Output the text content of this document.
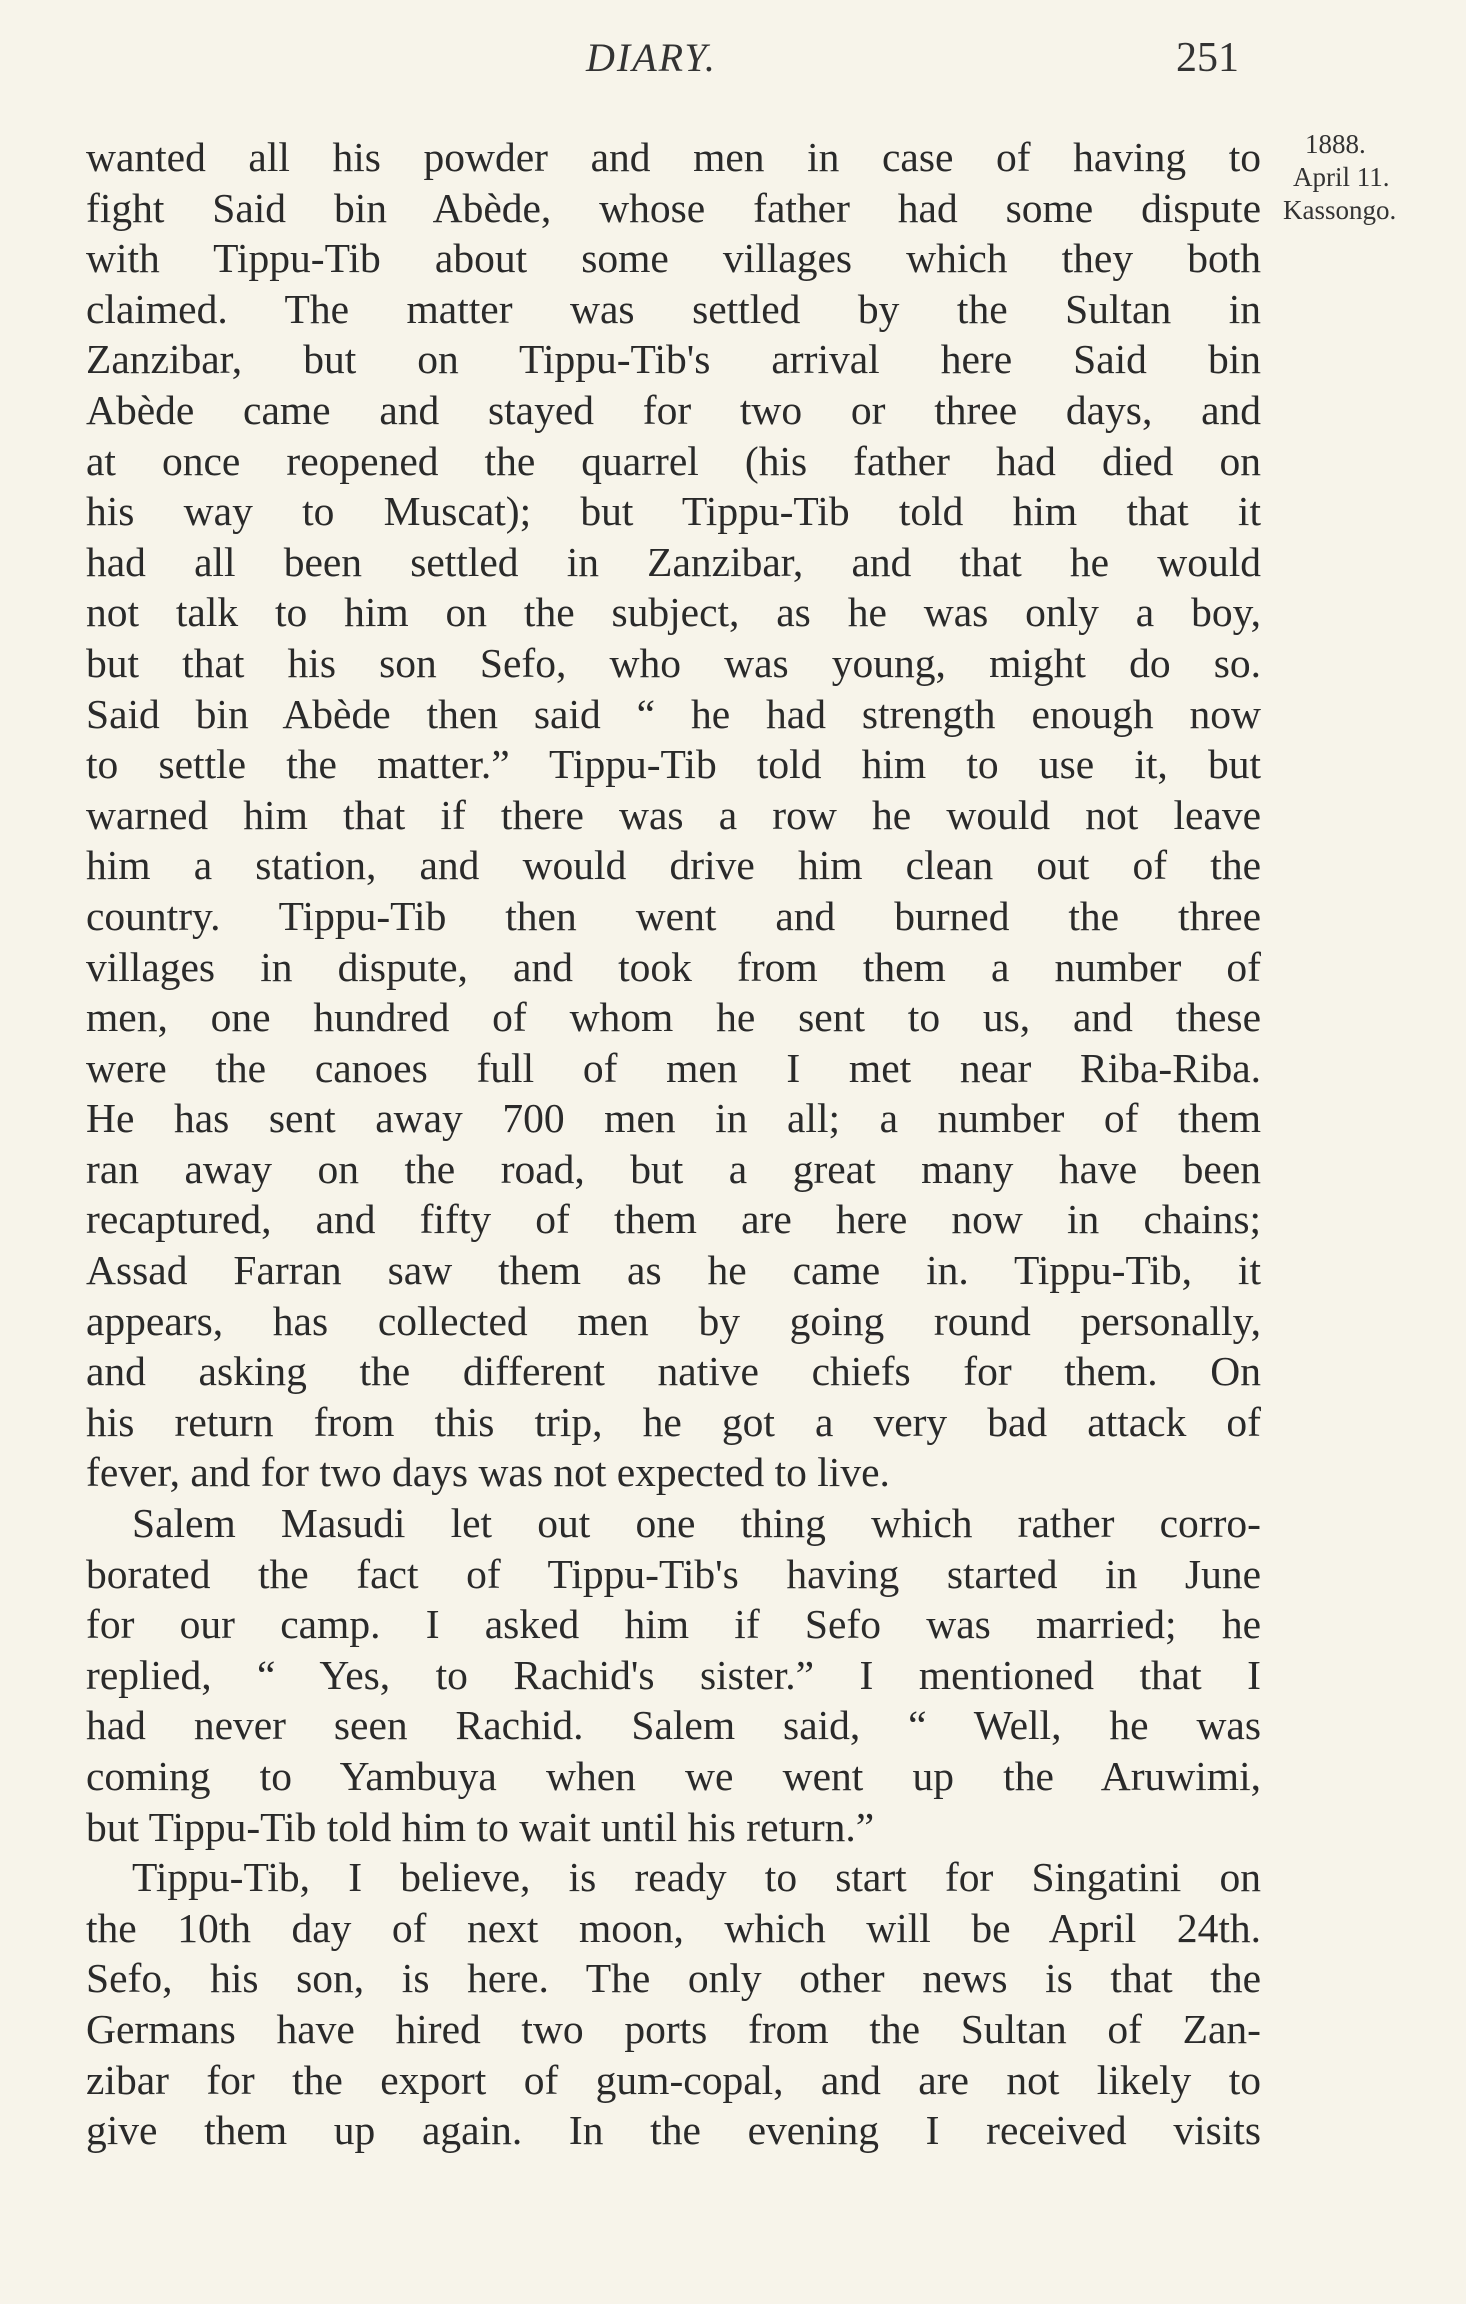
DIARY.	251
1888.
April 11.
Kassongo.
wanted all his powder and men in case of having to
fight Said bin Abède, whose father had some dispute
with Tippu-Tib about some villages which they both
claimed. The matter was settled by the Sultan in
Zanzibar, but on Tippu-Tib's arrival here Said bin
Abède came and stayed for two or three days, and
at once reopened the quarrel (his father had died on
his way to Muscat); but Tippu-Tib told him that it
had all been settled in Zanzibar, and that he would
not talk to him on the subject, as he was only a boy,
but that his son Sefo, who was young, might do so.
Said bin Abède then said “ he had strength enough now
to settle the matter.” Tippu-Tib told him to use it, but
warned him that if there was a row he would not leave
him a station, and would drive him clean out of the
country. Tippu-Tib then went and burned the three
villages in dispute, and took from them a number of
men, one hundred of whom he sent to us, and these
were the canoes full of men I met near Riba-Riba.
He has sent away 700 men in all; a number of them
ran away on the road, but a great many have been
recaptured, and fifty of them are here now in chains;
Assad Farran saw them as he came in. Tippu-Tib, it
appears, has collected men by going round personally,
and asking the different native chiefs for them. On
his return from this trip, he got a very bad attack of
fever, and for two days was not expected to live.
Salem Masudi let out one thing which rather corro-
borated the fact of Tippu-Tib's having started in June
for our camp. I asked him if Sefo was married; he
replied, “ Yes, to Rachid's sister.” I mentioned that I
had never seen Rachid. Salem said, “ Well, he was
coming to Yambuya when we went up the Aruwimi,
but Tippu-Tib told him to wait until his return.”
Tippu-Tib, I believe, is ready to start for Singatini on
the 10th day of next moon, which will be April 24th.
Sefo, his son, is here. The only other news is that the
Germans have hired two ports from the Sultan of Zan-
zibar for the export of gum-copal, and are not likely to
give them up again. In the evening I received visits
